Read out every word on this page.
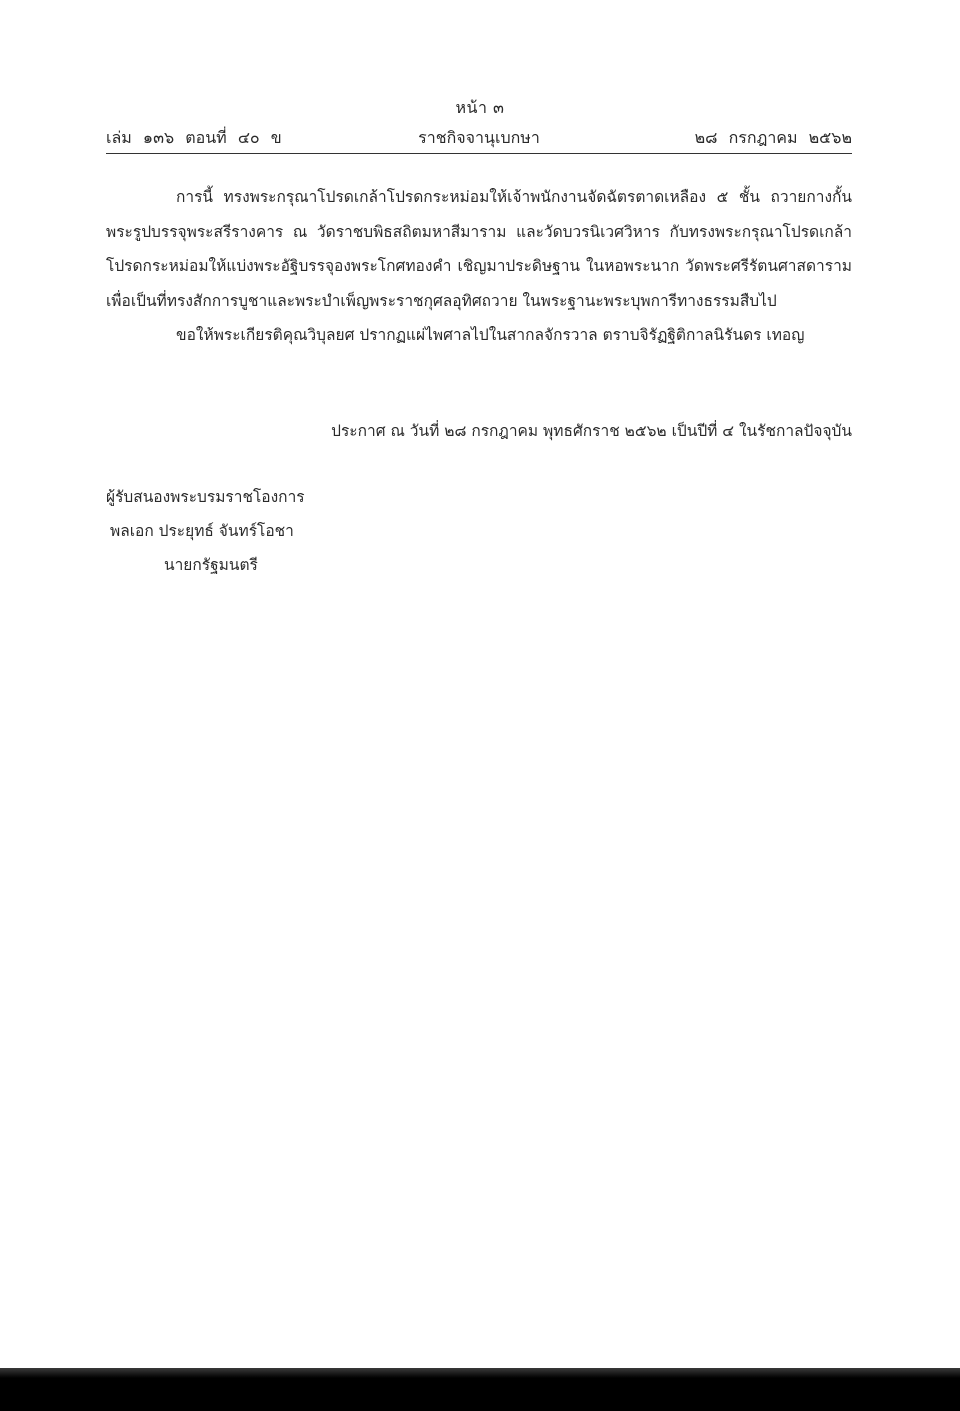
หน้า ๓
เล่ม ๑๓๖ ตอนที่ ๔๐ ข	ราชกิจจานุเบกษา	๒๘ กรกฎาคม ๒๕๖๒

การนี้ ทรงพระกรุณาโปรดเกล้าโปรดกระหม่อมให้เจ้าพนักงานจัดฉัตรตาดเหลือง ๕ ชั้น ถวายกางกั้นพระรูปบรรจุพระสรีรางคาร ณ วัดราชบพิธสถิตมหาสีมาราม และวัดบวรนิเวศวิหาร กับทรงพระกรุณาโปรดเกล้าโปรดกระหม่อมให้แบ่งพระอัฐิบรรจุองพระโกศทองคำ เชิญมาประดิษฐาน ในหอพระนาก วัดพระศรีรัตนศาสดาราม เพื่อเป็นที่ทรงสักการบูชาและพระบำเพ็ญพระราชกุศลอุทิศถวาย ในพระฐานะพระบุพการีทางธรรมสืบไป

ขอให้พระเกียรติคุณวิบุลยศ ปรากฏแผ่ไพศาลไปในสากลจักรวาล ตราบจิรัฏฐิติกาลนิรันดร เทอญ

ประกาศ ณ วันที่ ๒๘ กรกฎาคม พุทธศักราช ๒๕๖๒ เป็นปีที่ ๔ ในรัชกาลปัจจุบัน
ผู้รับสนองพระบรมราชโองการ
พลเอก ประยุทธ์ จันทร์โอชา
นายกรัฐมนตรี
